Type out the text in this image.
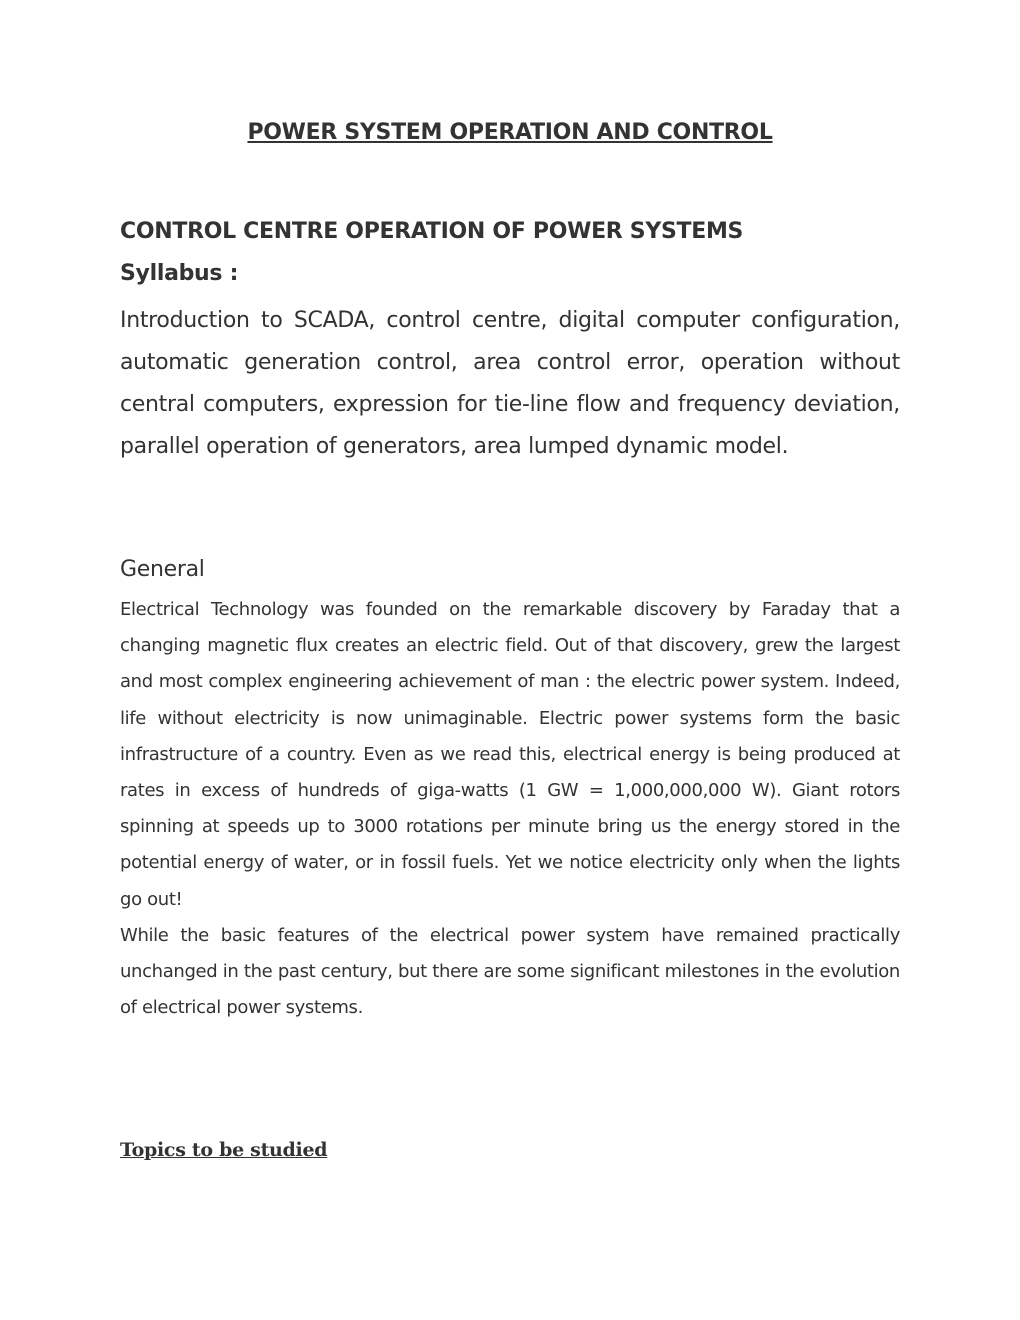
POWER SYSTEM OPERATION AND CONTROL
CONTROL CENTRE OPERATION OF POWER SYSTEMS
Syllabus :
Introduction to SCADA, control centre, digital computer configuration, automatic generation control, area control error, operation without central computers, expression for tie-line flow and frequency deviation, parallel operation of generators, area lumped dynamic model.
General
Electrical Technology was founded on the remarkable discovery by Faraday that a changing magnetic flux creates an electric field. Out of that discovery, grew the largest and most complex engineering achievement of man : the electric power system. Indeed, life without electricity is now unimaginable. Electric power systems form the basic infrastructure of a country. Even as we read this, electrical energy is being produced at rates in excess of hundreds of giga-watts (1 GW = 1,000,000,000 W). Giant rotors spinning at speeds up to 3000 rotations per minute bring us the energy stored in the potential energy of water, or in fossil fuels. Yet we notice electricity only when the lights go out!
While the basic features of the electrical power system have remained practically unchanged in the past century, but there are some significant milestones in the evolution of electrical power systems.
Topics to be studied
